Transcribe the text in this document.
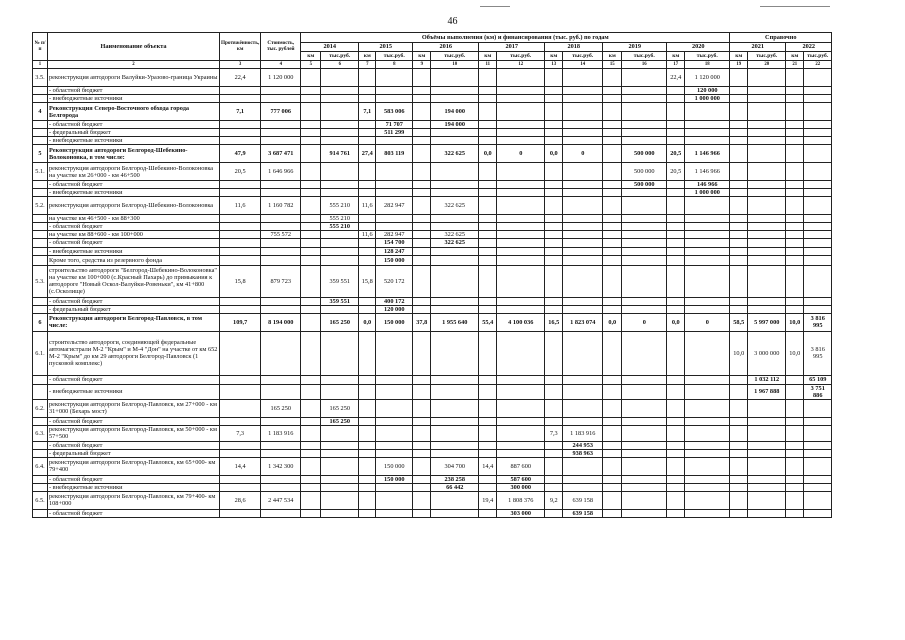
46
№ п/п	Наименование объекта	Протяжённость, км	Стоимость, тыс. рублей	Объёмы выполнения (км) и финансирования (тыс. руб.) по годам														Справочно			
				2014		2015		2016		2017		2018		2019		2020		2021		2022	
				км	тыс.руб.	км	тыс.руб.	км	тыс.руб.	км	тыс.руб.	км	тыс.руб.	км	тыс.руб.	км	тыс.руб.	км	тыс.руб.	км	тыс.руб.
1	2	3	4	5	6	7	8	9	10	11	12	13	14	15	16	17	18	19	20	21	22
3.5.	реконструкция автодороги Валуйки-Уразово-граница Украины	22,4	1 120 000													22,4	1 120 000				
	- областной бюджет																120 000				
	- внебюджетные источники																1 000 000				
4	Реконструкция Северо-Восточного обхода города Белгорода	7,1	777 006			7,1	583 006		194 000												
	- областной бюджет						71 707		194 000												
	- федеральный бюджет						511 299														
	- внебюджетные источники																				
5	Реконструкция автодороги Белгород-Шебекино-Волоконовка, в том числе:	47,9	3 687 471		914 761	27,4	803 119		322 625	0,0	0	0,0	0		500 000	20,5	1 146 966				
5.1.	реконструкция автодороги Белгород-Шебекино-Волоконовка на участке км 26+000 - км 46+500	20,5	1 646 966												500 000	20,5	1 146 966				
	- областной бюджет														500 000		146 966				
	- внебюджетные источники																1 000 000				
5.2.	реконструкция автодороги Белгород-Шебекино-Волоконовка	11,6	1 160 782		555 210	11,6	282 947		322 625												
	на участке км 46+500 - км 88+300				555 210																
	- областной бюджет				555 210																
	на участке км 88+600 - км 100+000		755 572			11,6	282 947		322 625												
	- областной бюджет						154 700		322 625												
	- внебюджетные источники						128 247														
	Кроме того, средства из резервного фонда						150 000														
5.3.	строительство автодороги "Белгород-Шебекино-Волоконовка" на участке км 100+000 (с.Красный Пахарь) до примыкания к автодороге "Новый Оскол-Валуйки-Ровеньки", км 41+800 (с.Осколище)	15,8	879 723		359 551	15,8	520 172														
	- областной бюджет				359 551		400 172														
	- федеральный бюджет						120 000														
6	Реконструкция автодороги Белгород-Павловск, в том числе:	109,7	8 194 000		165 250	0,0	150 000	37,8	1 955 640	55,4	4 100 036	16,5	1 823 074	0,0	0	0,0	0	58,5	5 997 000	10,0	3 816 995
6.1.	строительство автодороги, соединяющей федеральные автомагистрали М-2 "Крым" и М-4 "Дон" на участке от км 652 М-2 "Крым" до км 29 автодороги Белгород-Павловск (1 пусковой комплекс)																	10,0	3 000 000	10,0	3 816 995
	- областной бюджет																		1 032 112		65 109
	- внебюджетные источники																		1 967 888		3 751 886
6.2.	реконструкция автодороги Белгород-Павловск, км 27+000 - км 31+000 (Бехарь мост)		165 250		165 250																
	- областной бюджет				165 250																
6.3.	реконструкция автодороги Белгород-Павловск, км 50+000 - км 57+500	7,3	1 183 916									7,3	1 183 916								
	- областной бюджет												244 953								
	- федеральный бюджет												938 963								
6.4.	реконструкция автодороги Белгород-Павловск, км 65+000- км 79+400	14,4	1 342 300				150 000		304 700	14,4	887 600										
	- областной бюджет						150 000		238 258		587 600										
	- внебюджетные источники								66 442		300 000										
6.5.	реконструкция автодороги Белгород-Павловск, км 79+400- км 108+000	28,6	2 447 534							19,4	1 808 376	9,2	639 158								
	- областной бюджет										303 000		639 158								
